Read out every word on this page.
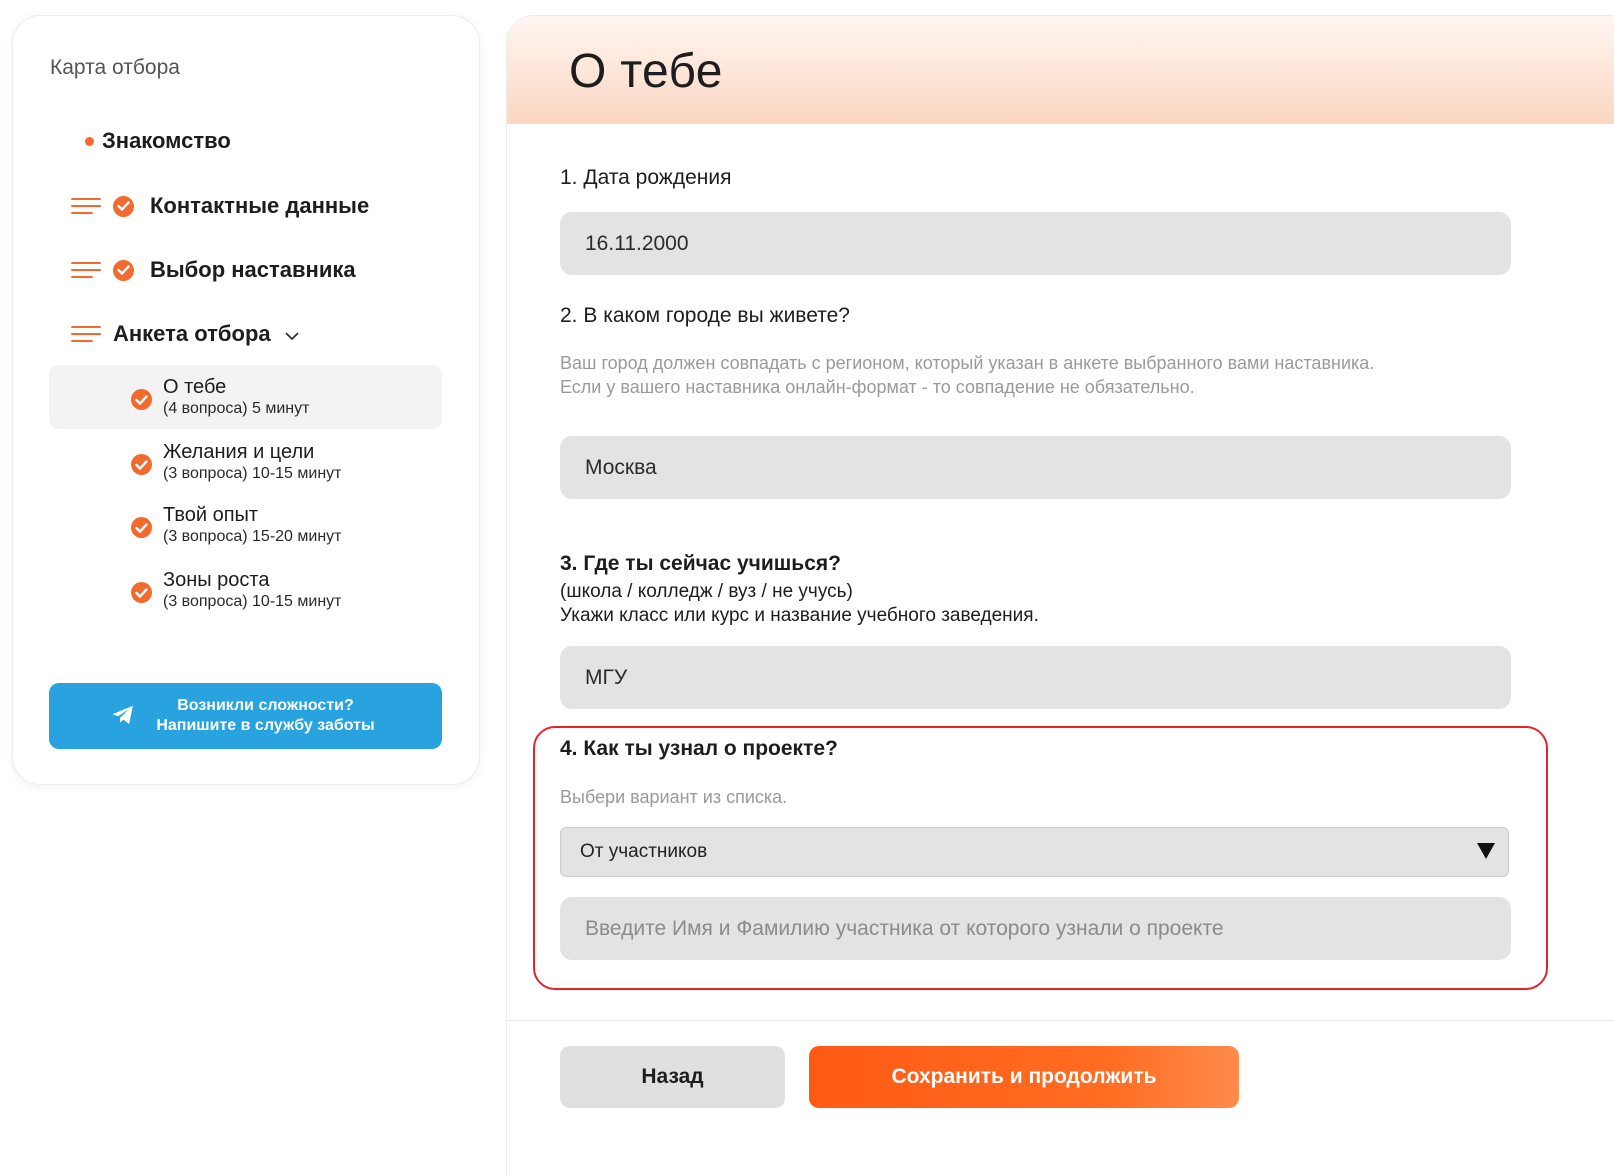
Карта отбора
Знакомство
Контактные данные
Выбор наставника
Анкета отбора
О тебе
(4 вопроса) 5 минут
Желания и цели
(3 вопроса) 10-15 минут
Твой опыт
(3 вопроса) 15-20 минут
Зоны роста
(3 вопроса) 10-15 минут
Возникли сложности?
Напишите в службу заботы
О тебе
1. Дата рождения
16.11.2000
2. В каком городе вы живете?
Ваш город должен совпадать с регионом, который указан в анкете выбранного вами наставника.
Если у вашего наставника онлайн-формат - то совпадение не обязательно.
Москва
3. Где ты сейчас учишься?
(школа / колледж / вуз / не учусь)
Укажи класс или курс и название учебного заведения.
МГУ
4. Как ты узнал о проекте?
Выбери вариант из списка.
От участников
Введите Имя и Фамилию участника от которого узнали о проекте
Назад	Сохранить и продолжить
